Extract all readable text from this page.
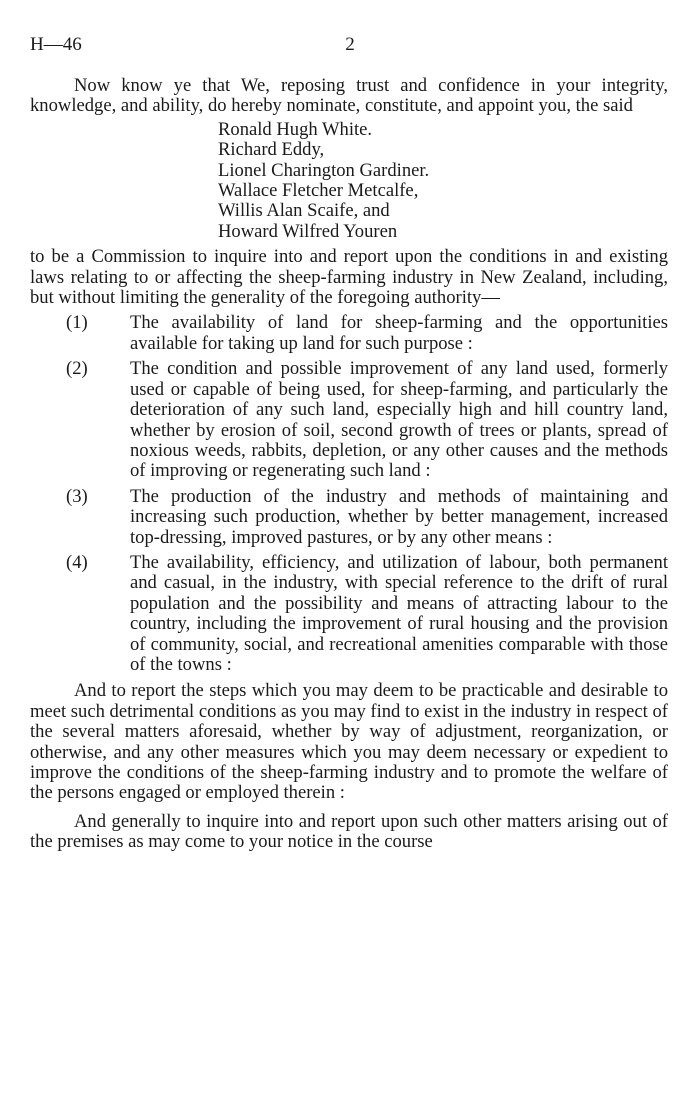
H—46	2

Now know ye that We, reposing trust and confidence in your integrity, knowledge, and ability, do hereby nominate, constitute, and appoint you, the said

Ronald Hugh White.
Richard Eddy,
Lionel Charington Gardiner.
Wallace Fletcher Metcalfe,
Willis Alan Scaife, and
Howard Wilfred Youren

to be a Commission to inquire into and report upon the conditions in and existing laws relating to or affecting the sheep-farming industry in New Zealand, including, but without limiting the generality of the foregoing authority—

(1) The availability of land for sheep-farming and the opportunities available for taking up land for such purpose :
(2) The condition and possible improvement of any land used, formerly used or capable of being used, for sheep-farming, and particularly the deterioration of any such land, especially high and hill country land, whether by erosion of soil, second growth of trees or plants, spread of noxious weeds, rabbits, depletion, or any other causes and the methods of improving or regenerating such land :
(3) The production of the industry and methods of maintaining and increasing such production, whether by better management, increased top-dressing, improved pastures, or by any other means :
(4) The availability, efficiency, and utilization of labour, both permanent and casual, in the industry, with special reference to the drift of rural population and the possibility and means of attracting labour to the country, including the improvement of rural housing and the provision of community, social, and recreational amenities comparable with those of the towns :

And to report the steps which you may deem to be practicable and desirable to meet such detrimental conditions as you may find to exist in the industry in respect of the several matters aforesaid, whether by way of adjustment, reorganization, or otherwise, and any other measures which you may deem necessary or expedient to improve the conditions of the sheep-farming industry and to promote the welfare of the persons engaged or employed therein :

And generally to inquire into and report upon such other matters arising out of the premises as may come to your notice in the course
